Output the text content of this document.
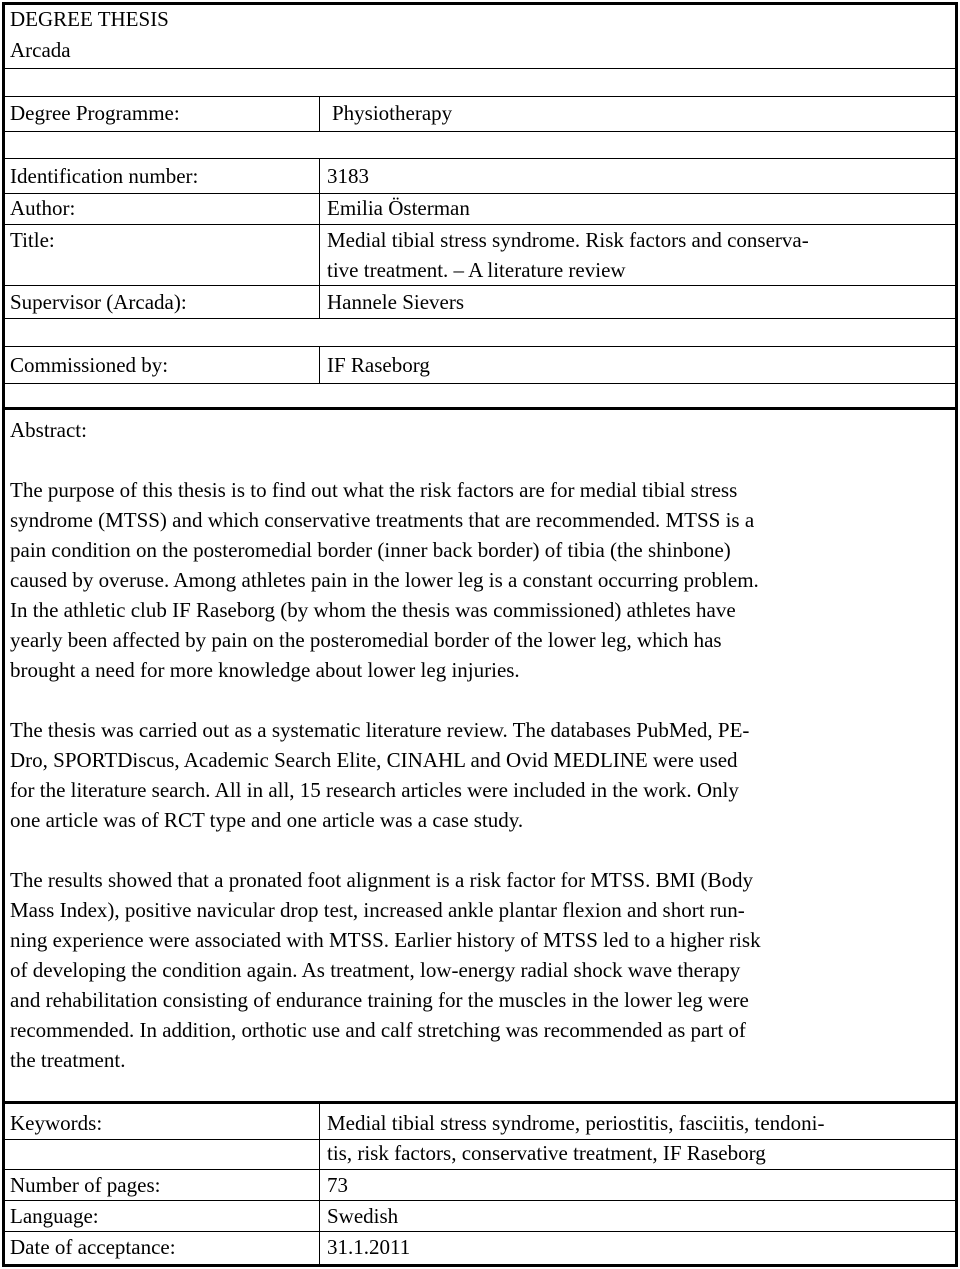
DEGREE THESIS
Arcada
Degree Programme:	Physiotherapy
Identification number:	3183
Author:	Emilia Österman
Title:	Medial tibial stress syndrome. Risk factors and conserva-
tive treatment. – A literature review
Supervisor (Arcada):	Hannele Sievers
Commissioned by:	IF Raseborg
Abstract:
The purpose of this thesis is to find out what the risk factors are for medial tibial stress
syndrome (MTSS) and which conservative treatments that are recommended. MTSS is a
pain condition on the posteromedial border (inner back border) of tibia (the shinbone)
caused by overuse. Among athletes pain in the lower leg is a constant occurring problem.
In the athletic club IF Raseborg (by whom the thesis was commissioned) athletes have
yearly been affected by pain on the posteromedial border of the lower leg, which has
brought a need for more knowledge about lower leg injuries.
The thesis was carried out as a systematic literature review. The databases PubMed, PE-
Dro, SPORTDiscus, Academic Search Elite, CINAHL and Ovid MEDLINE were used
for the literature search. All in all, 15 research articles were included in the work. Only
one article was of RCT type and one article was a case study.
The results showed that a pronated foot alignment is a risk factor for MTSS. BMI (Body
Mass Index), positive navicular drop test, increased ankle plantar flexion and short run-
ning experience were associated with MTSS. Earlier history of MTSS led to a higher risk
of developing the condition again. As treatment, low-energy radial shock wave therapy
and rehabilitation consisting of endurance training for the muscles in the lower leg were
recommended. In addition, orthotic use and calf stretching was recommended as part of
the treatment.
Keywords:	Medial tibial stress syndrome, periostitis, fasciitis, tendoni-
tis, risk factors, conservative treatment, IF Raseborg
Number of pages:	73
Language:	Swedish
Date of acceptance:	31.1.2011
